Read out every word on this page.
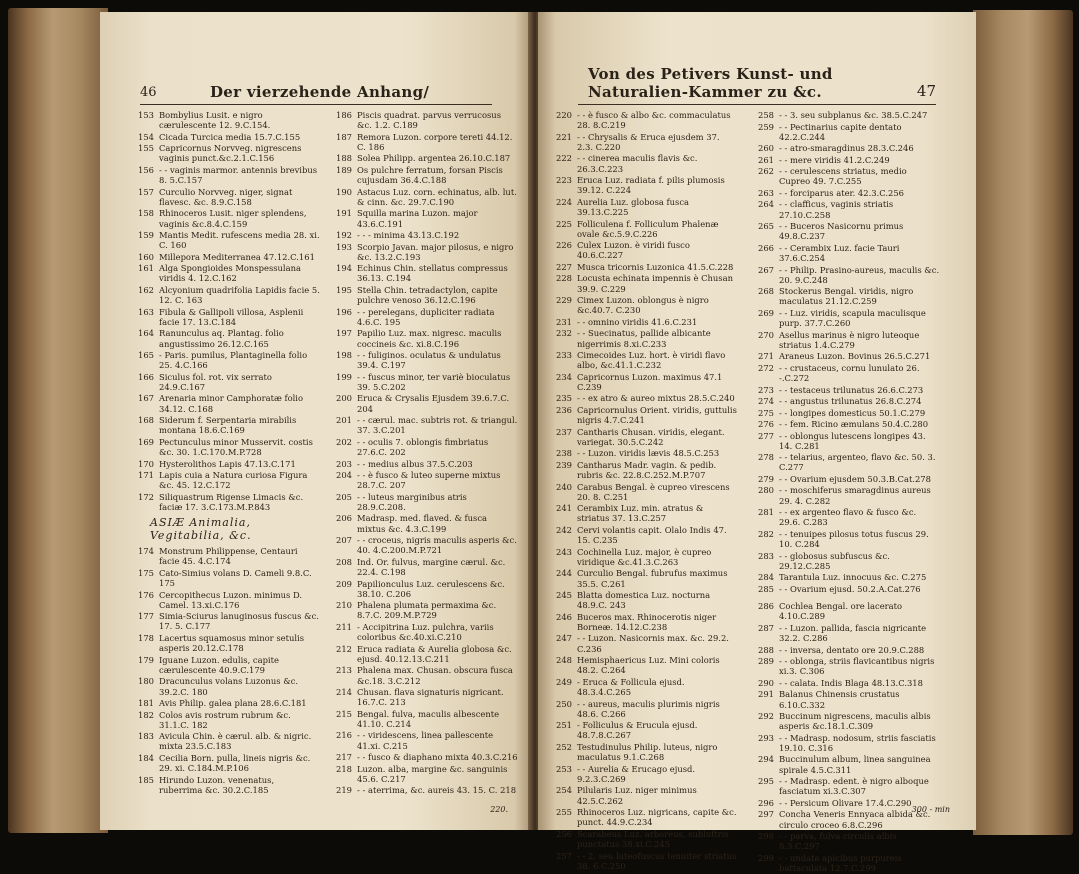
46	Der vierzehende Anhang/
153 Bombylius Lusit. e nigro cærulescente 12. 9.C.154.
154 Cicada Turcica media 15.7.C.155
155 Capricornus Norvveg. nigrescens vaginis punct.&c.2.1.C.156
156 - - vaginis marmor. antennis brevibus 8. 5.C.157
157 Curculio Norvveg. niger, signat flavesc. &c. 8.9.C.158
158 Rhinoceros Lusit. niger splendens, vaginis &c.8.4.C.159
159 Mantis Medit. rufescens media 28. xi. C. 160
160 Millepora Mediterranea 47.12.C.161
161 Alga Spongioides Monspessulana viridis 4. 12.C.162
162 Alcyonium quadrifolia Lapidis facie 5. 12. C. 163
163 Fibula & Gallipoli villosa, Asplenii facie 17. 13.C.184
164 Ranunculus aq. Plantag. folio angustissimo 26.12.C.165
165 - Paris. pumilus, Plantaginella folio 25. 4.C.166
166 Siculus fol. rot. vix serrato 24.9.C.167
167 Arenaria minor Camphoratæ folio 34.12. C.168
168 Siderum f. Serpentaria mirabilis montana 18.6.C.169
169 Pectunculus minor Musservit. costis &c. 30. 1.C.170.M.P.728
170 Hysterolithos Lapis 47.13.C.171
171 Lapis cuia a Natura curiosa Figura &c. 45. 12.C.172
172 Siliquastrum Rigense Limacis &c. faciæ 17. 3.C.173.M.P.843
ASIÆ Animalia, Vegitabilia, &c.
174 Monstrum Philippense, Centauri facie 45. 4.C.174
175 Cato-Simius volans D. Cameli 9.8.C. 175
176 Cercopithecus Luzon. minimus D. Camel. 13.xi.C.176
177 Simia-Sciurus lanuginosus fuscus &c. 17. 5. C.177
178 Lacertus squamosus minor setulis asperis 20.12.C.178
179 Iguane Luzon. edulis, capite cærulescente 40.9.C.179
180 Dracunculus volans Luzonus &c. 39.2.C. 180
181 Avis Philip. galea plana 28.6.C.181
182 Colos avis rostrum rubrum &c. 31.1.C. 182
183 Avicula Chin. è cærul. alb. & nigric. mixta 23.5.C.183
184 Cecilia Born. pulla, lineis nigris &c. 29. xi. C.184.M.P.106
185 Hirundo Luzon. venenatus, ruberrima &c. 30.2.C.185
186 Piscis quadrat. parvus verrucosus &c. 1.2. C.189
187 Remora Luzon. corpore tereti 44.12. C. 186
188 Solea Philipp. argentea 26.10.C.187
189 Os pulchre ferratum, forsan Piscis cujusdam 36.4.C.188
190 Astacus Luz. corn. echinatus, alb. lut. & cinn. &c. 29.7.C.190
191 Squilla marina Luzon. major 43.6.C.191
192 - - - minima 43.13.C.192
193 Scorpio Javan. major pilosus, e nigro &c. 13.2.C.193
194 Echinus Chin. stellatus compressus 36.13. C.194
195 Stella Chin. tetradactylon, capite pulchre venoso 36.12.C.196
196 - - perelegans, dupliciter radiata 4.6.C. 195
197 Papilio Luz. max. nigresc. maculis coccineis &c. xi.8.C.196
198 - - fuliginos. oculatus & undulatus 39.4. C.197
199 - - fuscus minor, ter variè bioculatus 39. 5.C.202
200 Eruca & Crysalis Ejusdem 39.6.7.C. 204
201 - - cærul. mac. subtris rot. & triangul. 37. 3.C.201
202 - - oculis 7. oblongis fimbriatus 27.6.C. 202
203 - - medius albus 37.5.C.203
204 - - è fusco & luteo superne mixtus 28.7.C. 207
205 - - luteus marginibus atris 28.9.C.208.
206 Madrasp. med. flaved. & fusca mixtus &c. 4.3.C.199
207 - - croceus, nigris maculis asperis &c. 40. 4.C.200.M.P.721
208 Ind. Or. fulvus, margine cærul. &c. 22.4. C.198
209 Papilionculus Luz. cerulescens &c. 38.10. C.206
210 Phalena plumata permaxima &c. 8.7.C. 209.M.P.729
211 - Accipitrina Luz. pulchra, variis coloribus &c.40.xi.C.210
212 Eruca radiata & Aurelia globosa &c. ejusd. 40.12.13.C.211
213 Phalena max. Chusan. obscura fusca &c.18. 3.C.212
214 Chusan. flava signaturis nigricant. 16.7.C. 213
215 Bengal. fulva, maculis albescente 41.10. C.214
216 - - viridescens, linea pallescente 41.xi. C.215
217 - - fusco & diaphano mixta 40.3.C.216
218 Luzon. alba, margine &c. sanguinis 45.6. C.217
219 - - aterrima, &c. aureis 43. 15. C. 218
220.
Von des Petivers Kunst- und Naturalien-Kammer zu &c.	47
220 - - è fusco & albo &c. commaculatus 28. 8.C.219
221 - - Chrysalis & Eruca ejusdem 37. 2.3. C.220
222 - - cinerea maculis flavis &c. 26.3.C.223
223 Eruca Luz. radiata f. pilis plumosis 39.12. C.224
224 Aurelia Luz. globosa fusca 39.13.C.225
225 Folliculena f. Folliculum Phalenæ ovale &c.5.9.C.226
226 Culex Luzon. è viridi fusco 40.6.C.227
227 Musca tricornis Luzonica 41.5.C.228
228 Locusta echinata impennis è Chusan 39.9. C.229
229 Cimex Luzon. oblongus è nigro &c.40.7. C.230
231 - - omnino viridis 41.6.C.231
232 - - Suecinatus, pallide albicante nigerrimis 8.xi.C.233
233 Cimecoides Luz. hort. è viridi flavo albo, &c.41.1.C.232
234 Capricornus Luzon. maximus 47.1 C.239
235 - - ex atro & aureo mixtus 28.5.C.240
236 Capricornulus Orient. viridis, guttulis nigris 4.7.C.241
237 Cantharis Chusan. viridis, elegant. variegat. 30.5.C.242
238 - - Luzon. viridis lævis 48.5.C.253
239 Cantharus Madr. vagin. & pedib. rubris &c. 22.8.C.252.M.P.707
240 Carabus Bengal. è cupreo virescens 20. 8. C.251
241 Cerambix Luz. min. atratus & striatus 37. 13.C.257
242 Cervi volantis capit. Olalo Indis 47. 15. C.235
243 Cochinella Luz. major, è cupreo viridique &c.41.3.C.263
244 Curculio Bengal. fubrufus maximus 35.5. C.261
245 Blatta domestica Luz. nocturna 48.9.C. 243
246 Buceros max. Rhinocerotis niger Borneæ. 14.12.C.238
247 - - Luzon. Nasicornis max. &c. 29.2. C.236
248 Hemisphaericus Luz. Mini coloris 48.2. C.264
249 - Eruca & Follicula ejusd. 48.3.4.C.265
250 - - aureus, maculis plurimis nigris 48.6. C.266
251 - Folliculus & Erucula ejusd. 48.7.8.C.267
252 Testudinulus Philip. luteus, nigro maculatus 9.1.C.268
253 - - Aurelia & Erucago ejusd. 9.2.3.C.269
254 Pilularis Luz. niger minimus 42.5.C.262
255 Rhinoceros Luz. nigricans, capite &c. punct. 44.9.C.234
256 Scarabeus Luz. arboreus, subluftris punctatus 38.xi.C.245
257 - - 2. seu luteofuscus tenuiter striatus 38. 6.C.250
258 - - 3. seu subplanus &c. 38.5.C.247
259 - - Pectinarius capite dentato 42.2.C.244
260 - - atro-smaragdinus 28.3.C.246
261 - - mere viridis 41.2.C.249
262 - - cerulescens striatus, medio Cupreo 49. 7.C.255
263 - - forciparus ater. 42.3.C.256
264 - - clafficus, vaginis striatis 27.10.C.258
265 - - Buceros Nasicornu primus 49.8.C.237
266 - - Cerambix Luz. facie Tauri 37.6.C.254
267 - - Philip. Prasino-aureus, maculis &c. 20. 9.C.248
268 Stockerus Bengal. viridis, nigro maculatus 21.12.C.259
269 - - Luz. viridis, scapula maculisque purp. 37.7.C.260
270 Asellus marinus è nigro luteoque striatus 1.4.C.279
271 Araneus Luzon. Bovinus 26.5.C.271
272 - - crustaceus, cornu lunulato 26. -.C.272
273 - - testaceus trilunatus 26.6.C.273
274 - - angustus trilunatus 26.8.C.274
275 - - longipes domesticus 50.1.C.279
276 - - fem. Ricino æmulans 50.4.C.280
277 - - oblongus lutescens longipes 43. 14. C.281
278 - - telarius, argenteo, flavo &c. 50. 3. C.277
279 - - Ovarium ejusdem 50.3.B.Cat.278
280 - - moschiferus smaragdinus aureus 29. 4. C.282
281 - - ex argenteo flavo & fusco &c. 29.6. C.283
282 - - tenuipes pilosus totus fuscus 29. 10. C.284
283 - - globosus subfuscus &c. 29.12.C.285
284 Tarantula Luz. innocuus &c. C.275
285 - - Ovarium ejusd. 50.2.A.Cat.276
286 Cochlea Bengal. ore lacerato 4.10.C.289
287 - - Luzon. pallida, fascia nigricante 32.2. C.286
288 - - inversa, dentato ore 20.9.C.288
289 - - oblonga, striis flavicantibus nigris xi.3. C.306
290 - - calata. Indis Blaga 48.13.C.318
291 Balanus Chinensis crustatus 6.10.C.332
292 Buccinum nigrescens, maculis albis asperis &c.18.1.C.309
293 - - Madrasp. nodosum, striis fasciatis 19.10. C.316
294 Buccinulum album, linea sanguinea spirale 4.5.C.311
295 - - Madrasp. edent. è nigro alboque fasciatum xi.3.C.307
296 - - Persicum Olivare 17.4.C.290
297 Concha Veneris Ennyaca albida &c. circulo croceo 6.8.C.296
298 - - parva, fulva circulis albis 8.3.C.297
299 - - undata apicibus purpureis battaculata 12.7.C.299
300 - min
